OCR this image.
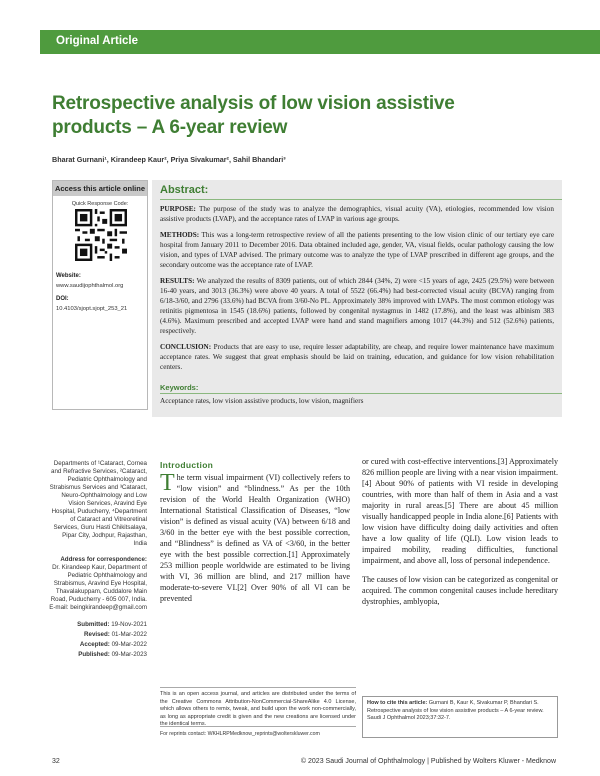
Original Article
Retrospective analysis of low vision assistive products – A 6-year review
Bharat Gurnani¹, Kirandeep Kaur², Priya Sivakumar², Sahil Bhandari³
Access this article online
Quick Response Code:
Website:
www.saudijophthalmol.org
DOI:
10.4103/sjopt.sjopt_253_21
Abstract:

PURPOSE: The purpose of the study was to analyze the demographics, visual acuity (VA), etiologies, recommended low vision assistive products (LVAP), and the acceptance rates of LVAP in various age groups.

METHODS: This was a long-term retrospective review of all the patients presenting to the low vision clinic of our tertiary eye care hospital from January 2011 to December 2016. Data obtained included age, gender, VA, visual fields, ocular pathology causing the low vision, and types of LVAP advised. The primary outcome was to analyze the type of LVAP prescribed in different age groups, and the secondary outcome was the acceptance rate of LVAP.

RESULTS: We analyzed the results of 8309 patients, out of which 2844 (34%, 2) were <15 years of age, 2425 (29.5%) were between 16-40 years, and 3013 (36.3%) were above 40 years. A total of 5522 (66.4%) had best-corrected visual acuity (BCVA) ranging from 6/18-3/60, and 2796 (33.6%) had BCVA from 3/60-No PL. Approximately 38% improved with LVAPs. The most common etiology was retinitis pigmentosa in 1545 (18.6%) patients, followed by congenital nystagmus in 1482 (17.8%), and the least was albinism 383 (4.6%). Maximum prescribed and accepted LVAP were hand and stand magnifiers among 1017 (44.3%) and 512 (52.6%) patients, respectively.

CONCLUSION: Products that are easy to use, require lesser adaptability, are cheap, and require lower maintenance have maximum acceptance rates. We suggest that great emphasis should be laid on training, education, and guidance for low vision rehabilitation centers.

Keywords:
Acceptance rates, low vision assistive products, low vision, magnifiers
Departments of ¹Cataract, Cornea and Refractive Services, ²Cataract, Pediatric Ophthalmology and Strabismus Services and ³Cataract, Neuro-Ophthalmology and Low Vision Services, Aravind Eye Hospital, Puducherry, ⁴Department of Cataract and Vitreoretinal Services, Guru Hasti Chikitsalaya, Pipar City, Jodhpur, Rajasthan, India
Address for correspondence:
Dr. Kirandeep Kaur, Department of Pediatric Ophthalmology and Strabismus, Aravind Eye Hospital, Thavalakuppam, Cuddalore Main Road, Puducherry - 605 007, India. E-mail: beingkirandeep@gmail.com
Submitted: 19-Nov-2021
Revised: 01-Mar-2022
Accepted: 09-Mar-2022
Published: 09-Mar-2023
Introduction
The term visual impairment (VI) collectively refers to “low vision” and “blindness.” As per the 10th revision of the World Health Organization (WHO) International Statistical Classification of Diseases, “low vision” is defined as visual acuity (VA) between 6/18 and 3/60 in the better eye with the best possible correction, and “Blindness” is defined as VA of <3/60, in the better eye with the best possible correction.[1] Approximately 253 million people worldwide are estimated to be living with VI, 36 million are blind, and 217 million have moderate-to-severe VI.[2] Over 90% of all VI can be prevented

or cured with cost-effective interventions.[3] Approximately 826 million people are living with a near vision impairment.[4] About 90% of patients with VI reside in developing countries, with more than half of them in Asia and a vast majority in rural areas.[5] There are about 45 million visually handicapped people in India alone.[6] Patients with low vision have difficulty doing daily activities and often have a low quality of life (QLI). Low vision leads to impaired mobility, reading difficulties, functional impairment, and above all, loss of personal independence.

The causes of low vision can be categorized as congenital or acquired. The common congenital causes include hereditary dystrophies, amblyopia,

This is an open access journal, and articles are distributed under the terms of the Creative Commons Attribution-NonCommercial-ShareAlike 4.0 License, which allows others to remix, tweak, and build upon the work non-commercially, as long as appropriate credit is given and the new creations are licensed under the identical terms.
For reprints contact: WKHLRPMedknow_reprints@wolterskluwer.com
How to cite this article: Gurnani B, Kaur K, Sivakumar P, Bhandari S. Retrospective analysis of low vision assistive products – A 6-year review. Saudi J Ophthalmol 2023;37:32-7.
32	© 2023 Saudi Journal of Ophthalmology | Published by Wolters Kluwer - Medknow
